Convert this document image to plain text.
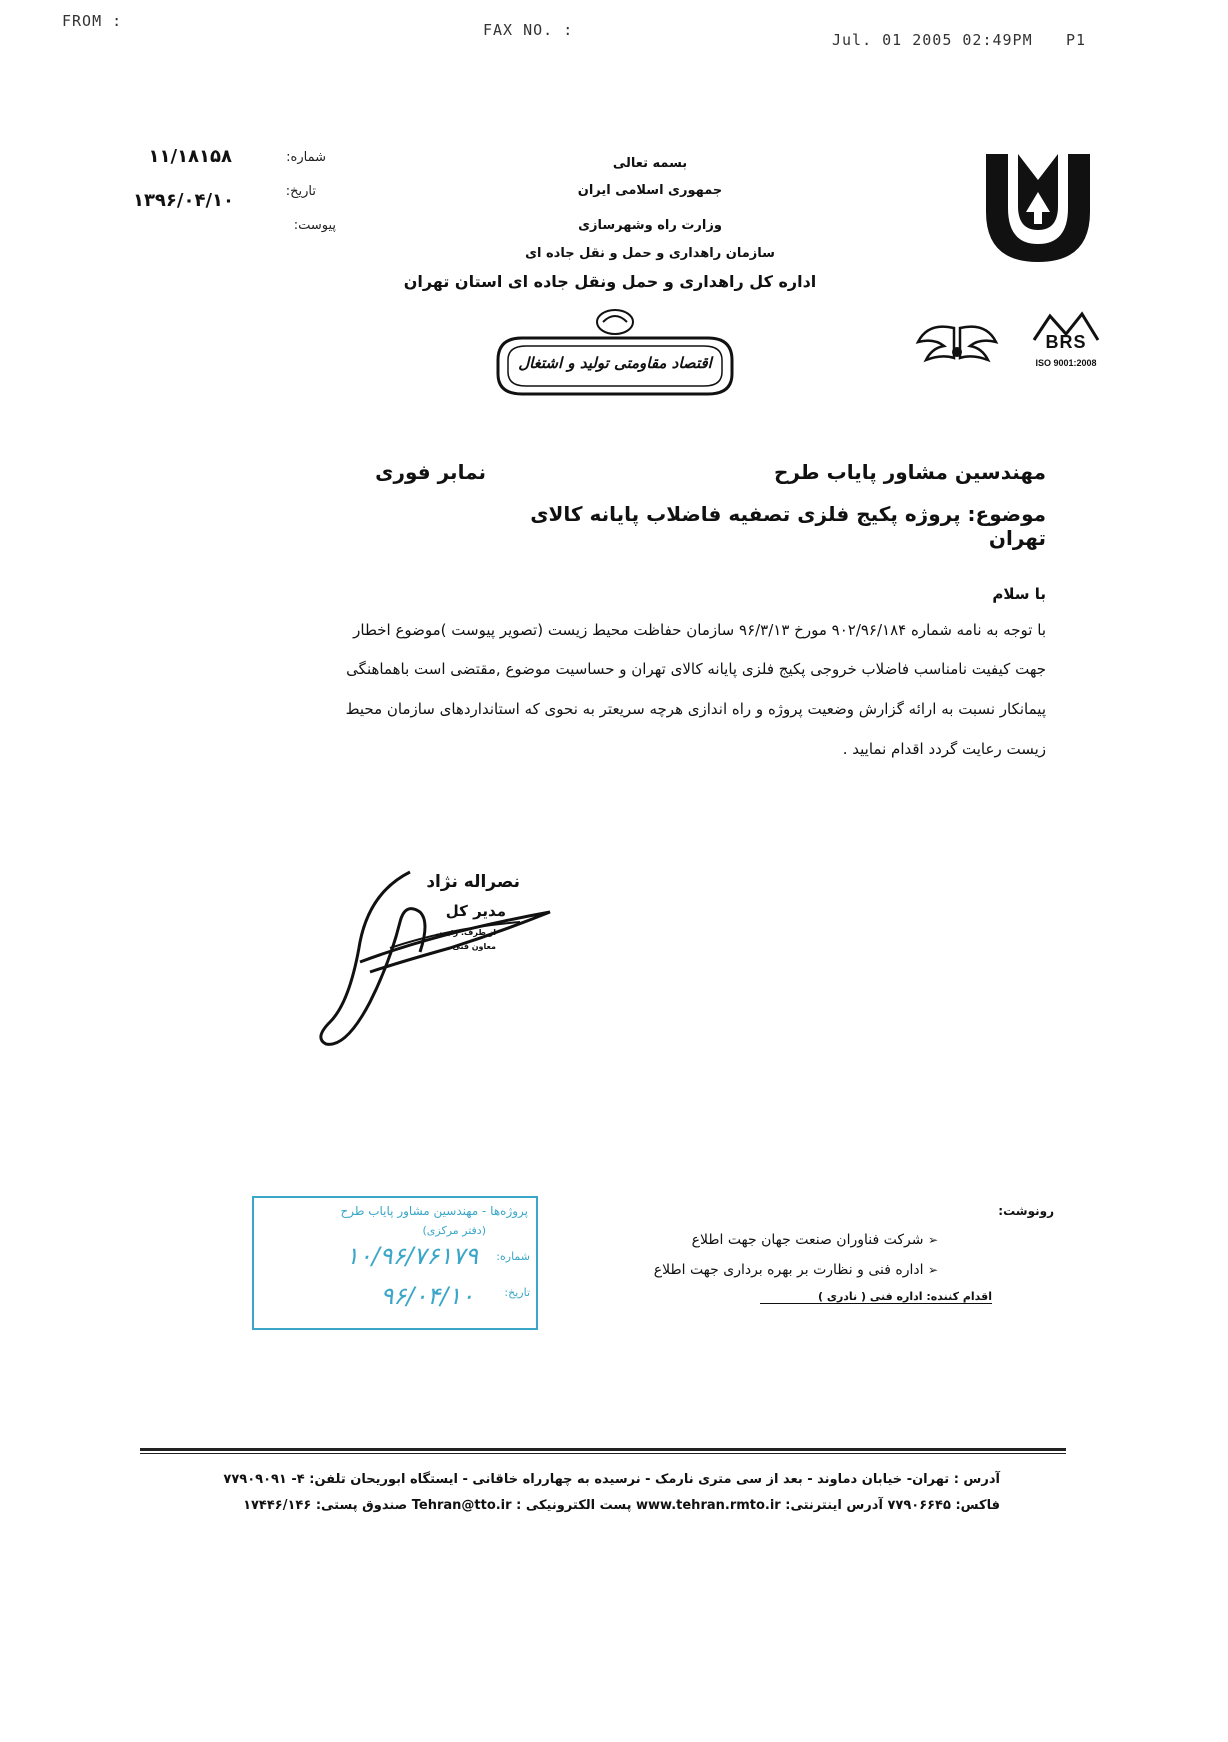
FROM :	FAX NO. :
Jul. 01 2005 02:49PM P1
بسمه تعالی
جمهوری اسلامی ایران
وزارت راه وشهرسازی
سازمان راهداری و حمل و نقل جاده ای
اداره کل راهداری و حمل ونقل جاده ای استان تهران
اقتصاد مقاومتی تولید و اشتغال
BRS
ISO 9001:2008
شماره:
۱۱/۱۸۱۵۸
تاریخ:
۱۳۹۶/۰۴/۱۰
پیوست:
مهندسین مشاور پایاب طرح
نمابر فوری
موضوع: پروژه پکیج فلزی تصفیه فاضلاب پایانه کالای تهران
با سلام
با توجه به نامه شماره ۹۰۲/۹۶/۱۸۴ مورخ ۹۶/۳/۱۳ سازمان حفاظت محیط زیست (تصویر پیوست )موضوع اخطار
جهت کیفیت نامناسب فاضلاب خروجی پکیج فلزی پایانه کالای تهران و حساسیت موضوع ,مقتضی است باهماهنگی
پیمانکار نسبت به ارائه گزارش وضعیت پروژه و راه اندازی هرچه سریعتر به نحوی که استانداردهای سازمان محیط
زیست رعایت گردد اقدام نمایید .
نصراله نژاد
مدیر کل
از طرف: رئیس
معاون فنی
پروژه‌ها - مهندسین مشاور پایاب طرح
(دفتر مرکزی)
شماره:
۱۰/۹۶/۷۶۱۷۹
تاریخ:
۹۶/۰۴/۱۰
رونوشت:
➢ شرکت فناوران صنعت جهان جهت اطلاع
➢ اداره فنی و نظارت بر بهره برداری جهت اطلاع
اقدام کننده: اداره فنی ( نادری )
آدرس : تهران- خیابان دماوند - بعد از سی متری نارمک - نرسیده به چهارراه خاقانی - ایستگاه ابوریحان تلفن: ۴- ۷۷۹۰۹۰۹۱
فاکس: ۷۷۹۰۶۶۴۵ آدرس اینترنتی: www.tehran.rmto.ir پست الکترونیکی : Tehran@tto.ir صندوق پستی: ۱۷۴۴۶/۱۴۶
